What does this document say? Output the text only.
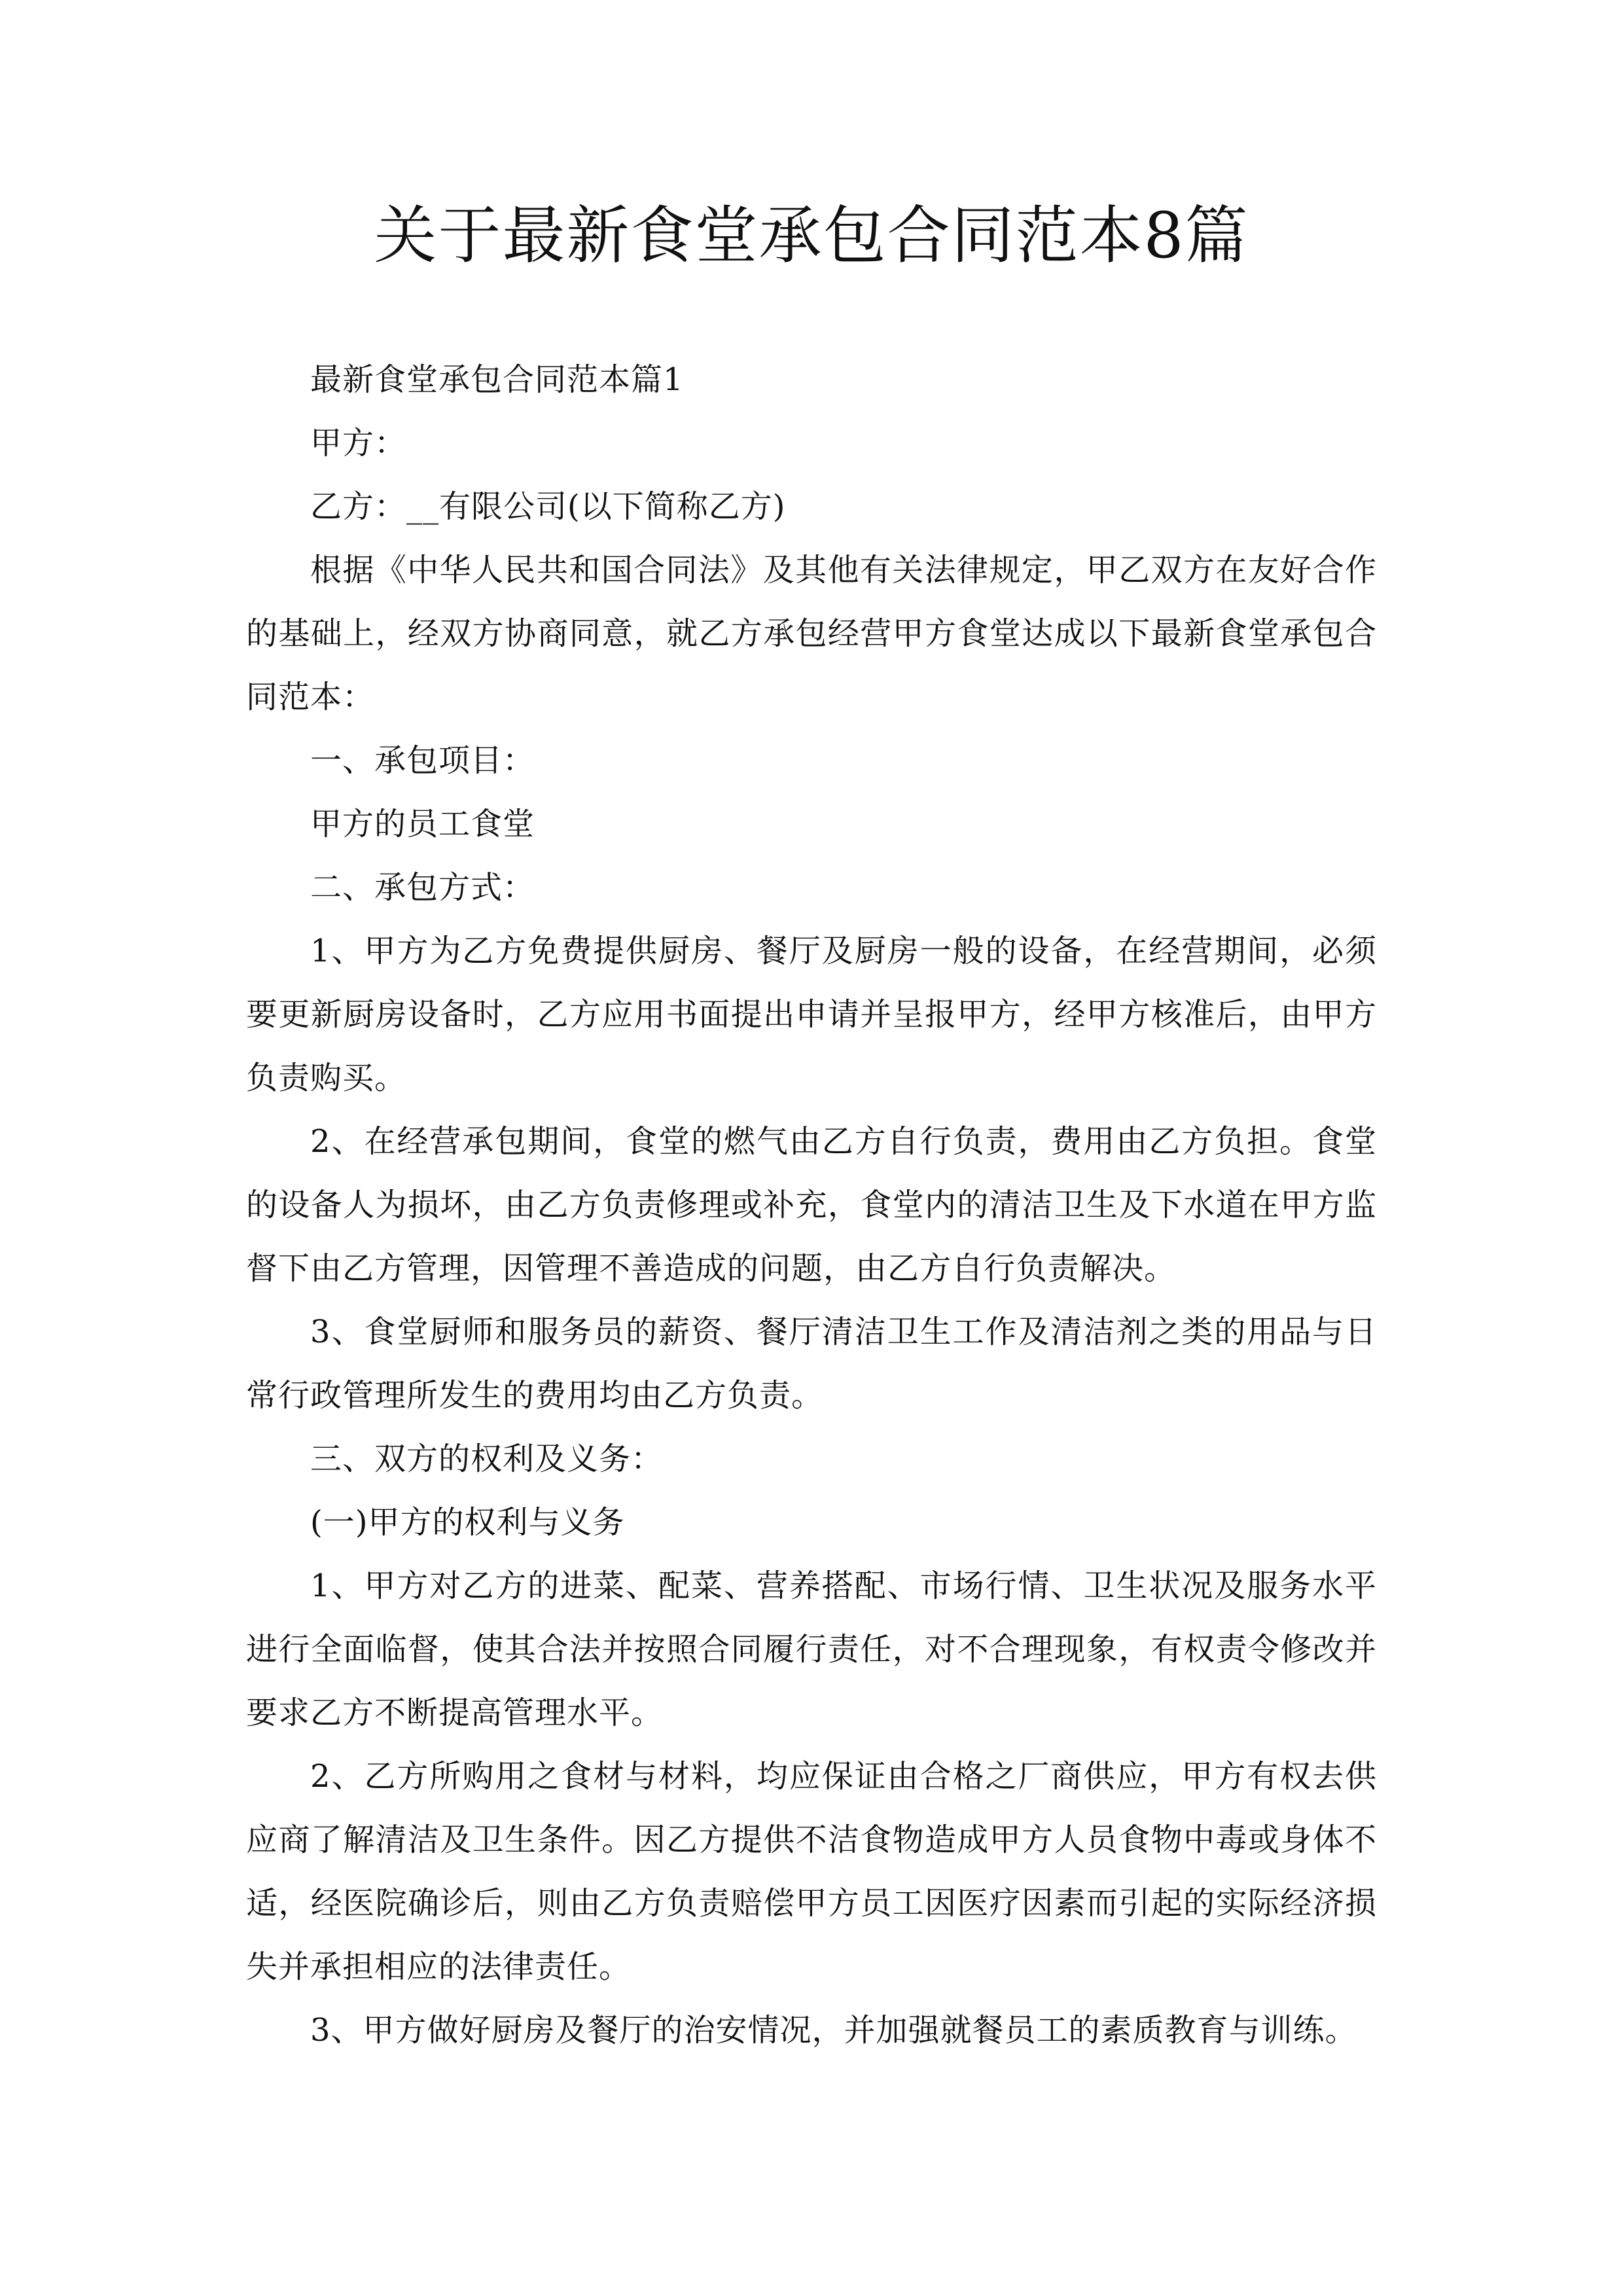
关于最新食堂承包合同范本8篇

最新食堂承包合同范本篇1

甲方：

乙方：__有限公司(以下简称乙方)

根据《中华人民共和国合同法》及其他有关法律规定，甲乙双方在友好合作的基础上，经双方协商同意，就乙方承包经营甲方食堂达成以下最新食堂承包合同范本：

一、承包项目：

甲方的员工食堂

二、承包方式：

1、甲方为乙方免费提供厨房、餐厅及厨房一般的设备，在经营期间，必须要更新厨房设备时，乙方应用书面提出申请并呈报甲方，经甲方核准后，由甲方负责购买。

2、在经营承包期间，食堂的燃气由乙方自行负责，费用由乙方负担。食堂的设备人为损坏，由乙方负责修理或补充，食堂内的清洁卫生及下水道在甲方监督下由乙方管理，因管理不善造成的问题，由乙方自行负责解决。

3、食堂厨师和服务员的薪资、餐厅清洁卫生工作及清洁剂之类的用品与日常行政管理所发生的费用均由乙方负责。

三、双方的权利及义务：

(一)甲方的权利与义务

1、甲方对乙方的进菜、配菜、营养搭配、市场行情、卫生状况及服务水平进行全面临督，使其合法并按照合同履行责任，对不合理现象，有权责令修改并要求乙方不断提高管理水平。

2、乙方所购用之食材与材料，均应保证由合格之厂商供应，甲方有权去供应商了解清洁及卫生条件。因乙方提供不洁食物造成甲方人员食物中毒或身体不适，经医院确诊后，则由乙方负责赔偿甲方员工因医疗因素而引起的实际经济损失并承担相应的法律责任。

3、甲方做好厨房及餐厅的治安情况，并加强就餐员工的素质教育与训练。
